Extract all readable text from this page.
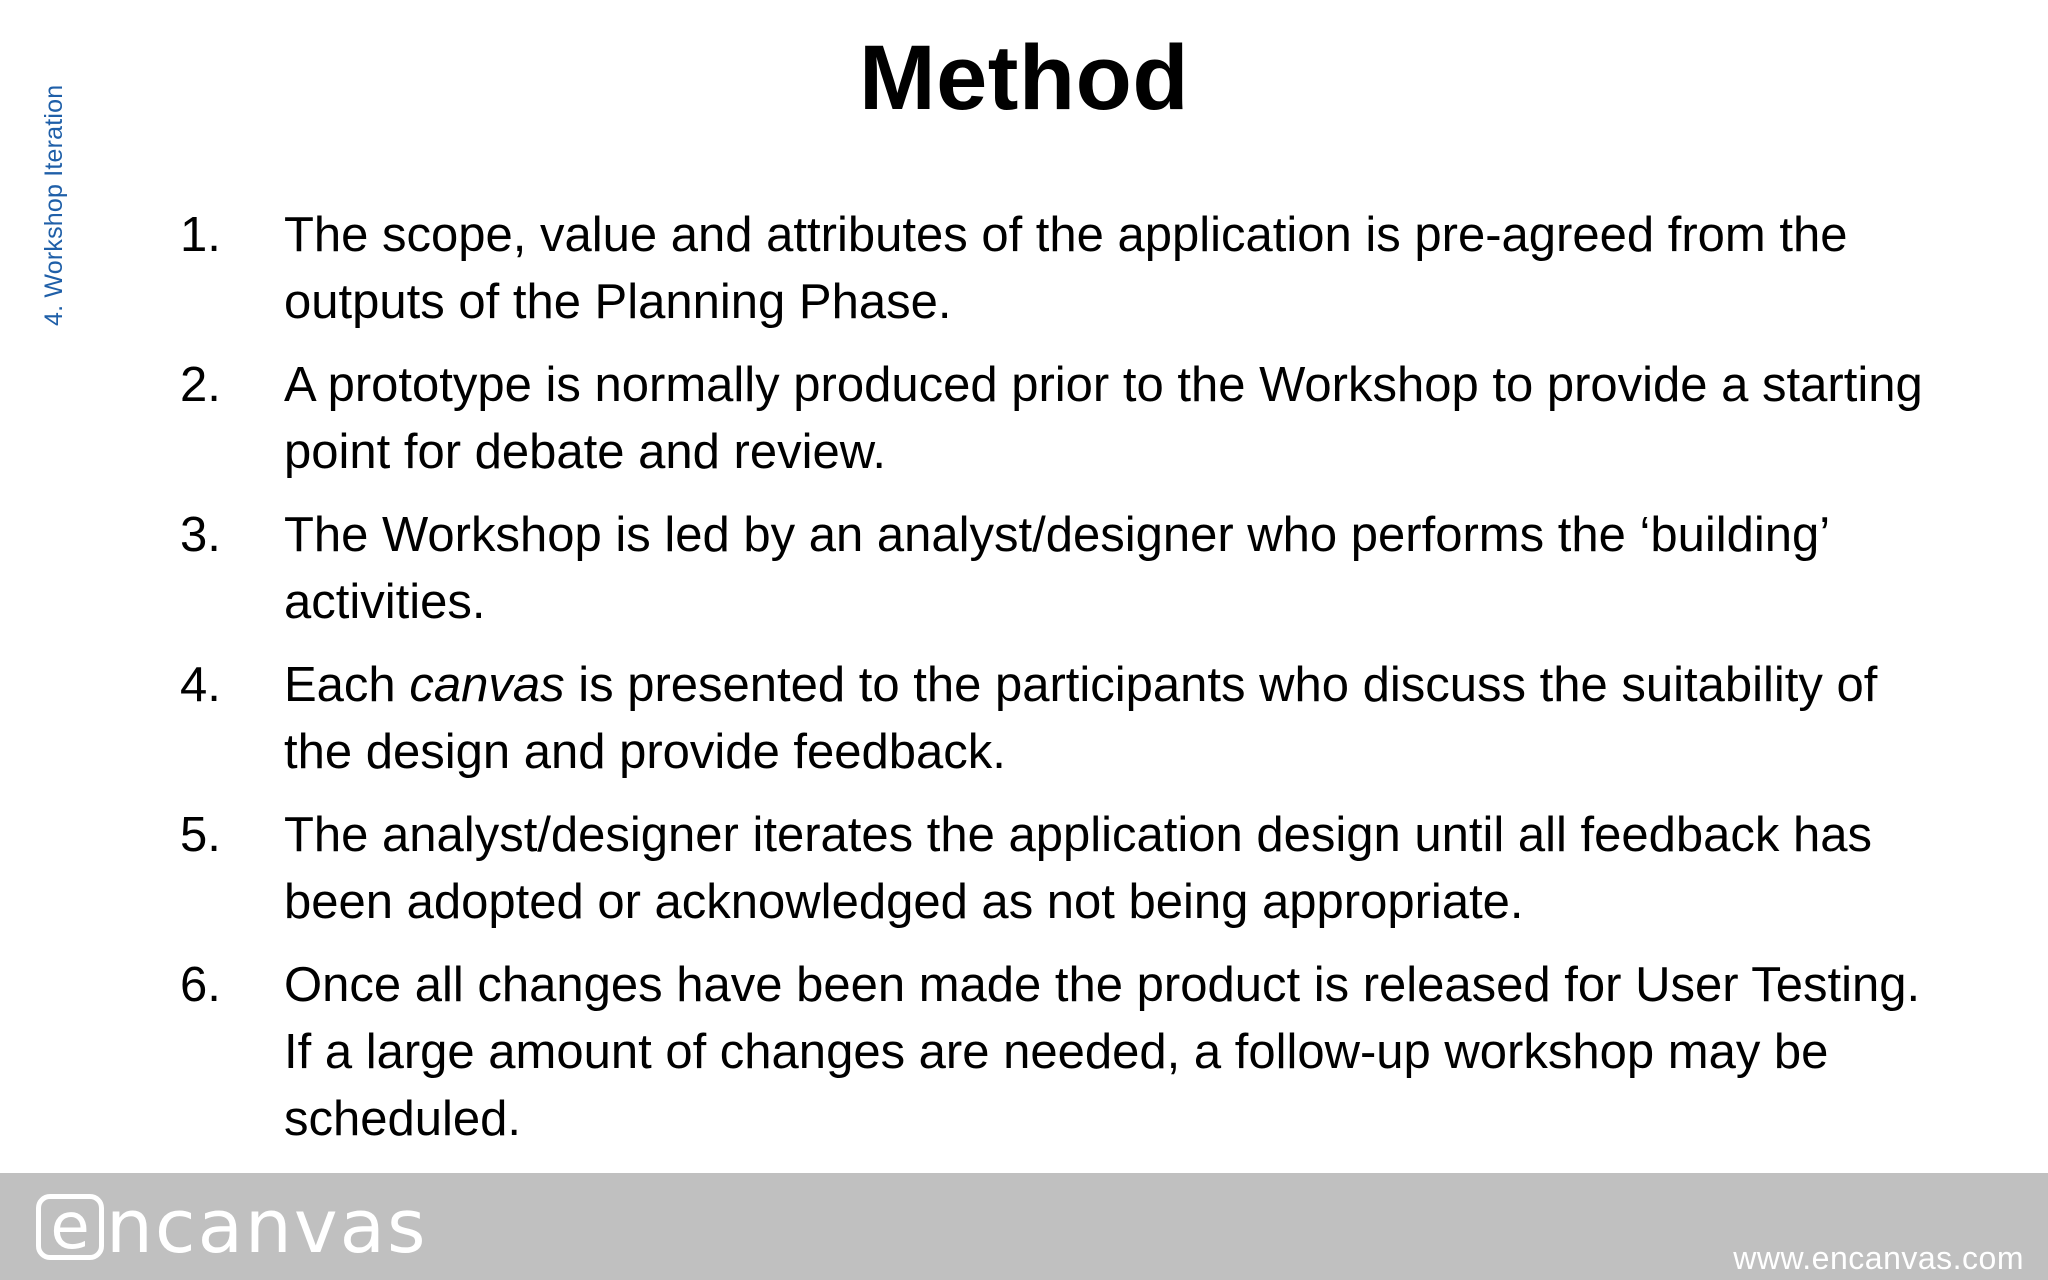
4. Workshop Iteration
Method
1.	The scope, value and attributes of the application is pre-agreed from the outputs of the Planning Phase.
2.	A prototype is normally produced prior to the Workshop to provide a starting point for debate and review.
3.	The Workshop is led by an analyst/designer who performs the ‘building’ activities.
4.	Each canvas is presented to the participants who discuss the suitability of the design and provide feedback.
5.	The analyst/designer iterates the application design until all feedback has been adopted or acknowledged as not being appropriate.
6.	Once all changes have been made the product is released for User Testing. If a large amount of changes are needed, a follow-up workshop may be scheduled.
e ncanvas	www.encanvas.com
